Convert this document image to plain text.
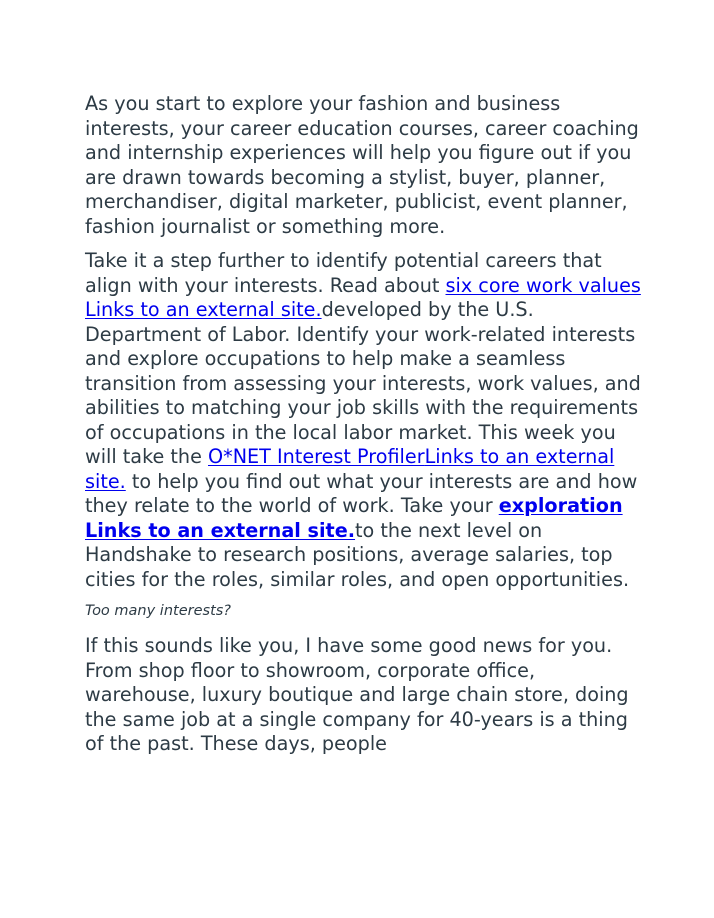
As you start to explore your fashion and business interests, your career education courses, career coaching and internship experiences will help you figure out if you are drawn towards becoming a stylist, buyer, planner, merchandiser, digital marketer, publicist, event planner, fashion journalist or something more.

Take it a step further to identify potential careers that align with your interests. Read about six core work values Links to an external site.developed by the U.S. Department of Labor. Identify your work-related interests and explore occupations to help make a seamless transition from assessing your interests, work values, and abilities to matching your job skills with the requirements of occupations in the local labor market. This week you will take the O*NET Interest ProfilerLinks to an external site. to help you find out what your interests are and how they relate to the world of work. Take your exploration Links to an external site.to the next level on Handshake to research positions, average salaries, top cities for the roles, similar roles, and open opportunities.

Too many interests?

If this sounds like you, I have some good news for you. From shop floor to showroom, corporate office, warehouse, luxury boutique and large chain store, doing the same job at a single company for 40-years is a thing of the past. These days, people
